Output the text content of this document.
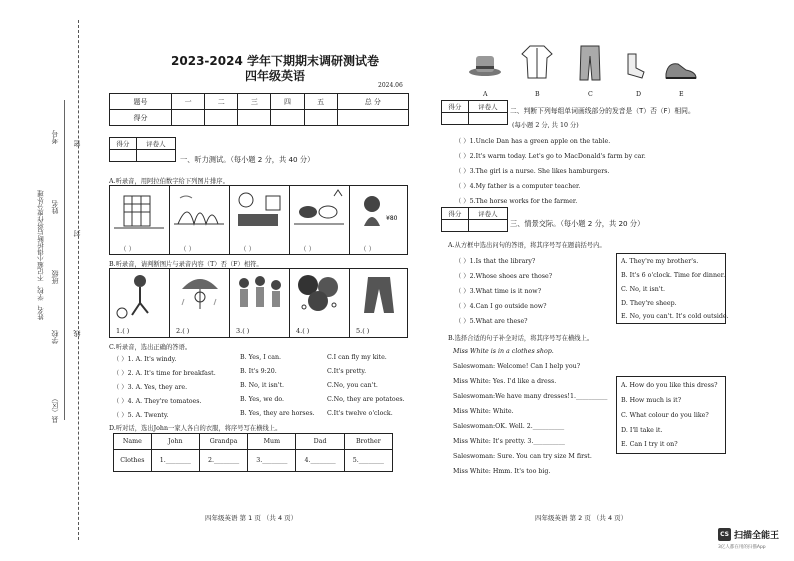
县（区）
学校
班级
姓名
考号
姓名、学校、不记超小得折断后将作废分处理
密
封
线
2023-2024 学年下期期末调研测试卷
四年级英语
2024.06
题号	一	二	三	四	五	总 分
得分						
得分	评卷人

一、听力测试。（每小题 2 分，共 40 分）
A.听录音，用阿拉伯数字给下列图片排序。
¥80
（ ）	（ ）	（ ）	（ ）	（ ）
B.听录音，请判断图片与录音内容（T）否（F）相符。
1.( )	2.( )	3.( )	4.( )	5.( )
C.听录音，选出正确的答语。
（ ）1. A. It's windy.	B. Yes, I can.	C.I can fly my kite.
（ ）2. A. It's time for breakfast.	B. It's 9:20.	C.It's pretty.
（ ）3. A. Yes, they are.	B. No, it isn't.	C.No, you can't.
（ ）4. A. They're tomatoes.	B. Yes, we do.	C.No, they are potatoes.
（ ）5. A. Twenty.	B. Yes, they are horses. C.It's twelve o'clock.
D.听对话，选出John一家人各自的衣服，将序号写在横线上。
Name	John	Grandpa	Mum	Dad	Brother
Clothes	1.________	2.________	3.________	4.________	5.________
四年级英语 第 1 页 （共 4 页）
A	B	C	D	E
得分	评卷人
	二、判断下列每组单词画线部分的发音是（T）否（F）相同。
(每小题 2 分, 共 10 分)
（ ）1.Uncle Dan has a green apple on the table.
（ ）2.It's warm today. Let's go to MacDonald's farm by car.
（ ）3.The girl is a nurse. She likes hamburgers.
（ ）4.My father is a computer teacher.
（ ）5.The horse works for the farmer.
得分	评卷人

三、情景交际。（每小题 2 分，共 20 分）
A.从方框中选出问句的答语，将其序号写在题前括号内。
（ ）1.Is that the library?
（ ）2.Whose shoes are those?
（ ）3.What time is it now?
（ ）4.Can I go outside now?
（ ）5.What are these?
A. They're my brother's.
B. It's 6 o'clock. Time for dinner.
C. No, it isn't.
D. They're sheep.
E. No, you can't. It's cold outside.
B.选择合适的句子补全对话，将其序号写在横线上。
Miss White is in a clothes shop.
Saleswoman: Welcome! Can I help you?
Miss White: Yes. I'd like a dress.
Saleswoman:We have many dresses!1.__________
Miss White: White.
Saleswoman:OK. Well. 2.__________
Miss White: It's pretty. 3.__________
Saleswoman: Sure. You can try size M first.
Miss White: Hmm. It's too big.
A. How do you like this dress?
B. How much is it?
C. What colour do you like?
D. I'll take it.
E. Can I try it on?
四年级英语 第 2 页 （共 4 页）
CS 扫描全能王
3亿人都在用的扫描App
